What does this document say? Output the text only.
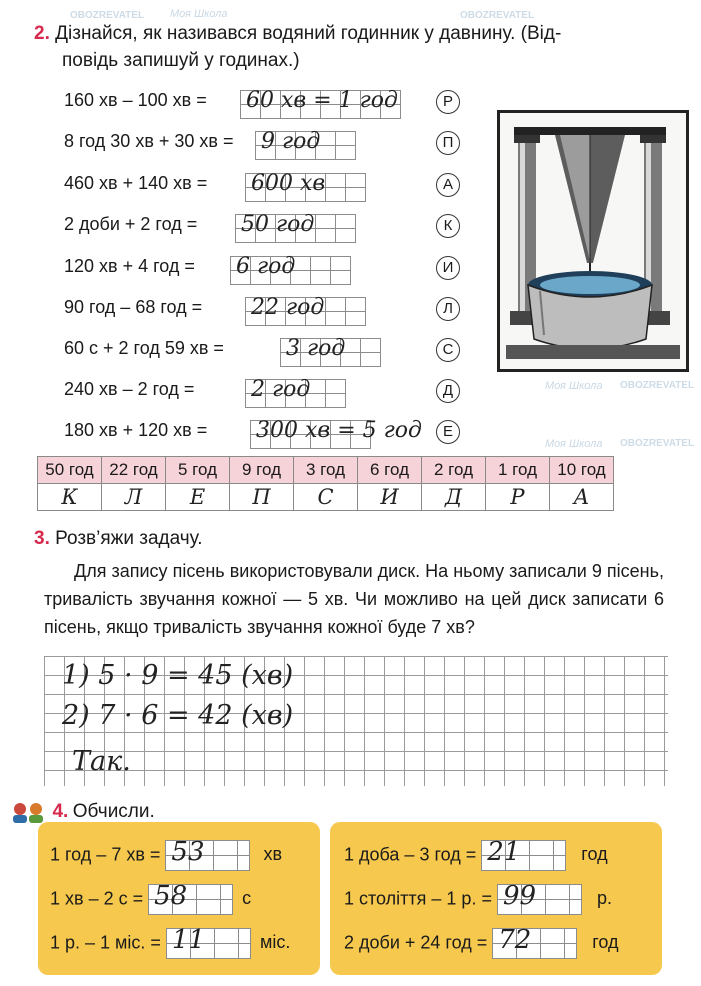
Моя Школа	OBOZREVATEL
OBOZREVATEL
Моя Школа OBOZREVATEL
Моя Школа OBOZREVATEL
2. Дізнайся, як називався водяний годинник у давнину. (Від-
повідь запишуй у годинах.)
160 хв – 100 хв = 60 хв = 1 год	Р
8 год 30 хв + 30 хв = 9 год	П
460 хв + 140 хв = 600 хв	А
2 доби + 2 год = 50 год	К
120 хв + 4 год = 6 год	И
90 год – 68 год = 22 год	Л
60 с + 2 год 59 хв =	3 год	С
240 хв – 2 год =	2 год	Д
180 хв + 120 хв = 300 хв = 5 год	Е
50 год	22 год	5 год	9 год	3 год	6 год	2 год	1 год	10 год
К	Л	Е	П	С	И	Д	Р	А
3. Розв’яжи задачу.
Для запису пісень використовували диск. На ньому записали 9 пісень, тривалість звучання кожної — 5 хв. Чи можливо на цей диск записати 6 пісень, якщо тривалість звучання кожної буде 7 хв?
1) 5 · 9 = 45 (хв)
2) 7 · 6 = 42 (хв)
Так.
4. Обчисли.
1 год – 7 хв = 53	хв
1 хв – 2 с = 58	с
1 р. – 1 міс. = 11	міс.
1 доба – 3 год = 21	год
1 століття – 1 р. = 99	р.
2 доби + 24 год = 72	год
